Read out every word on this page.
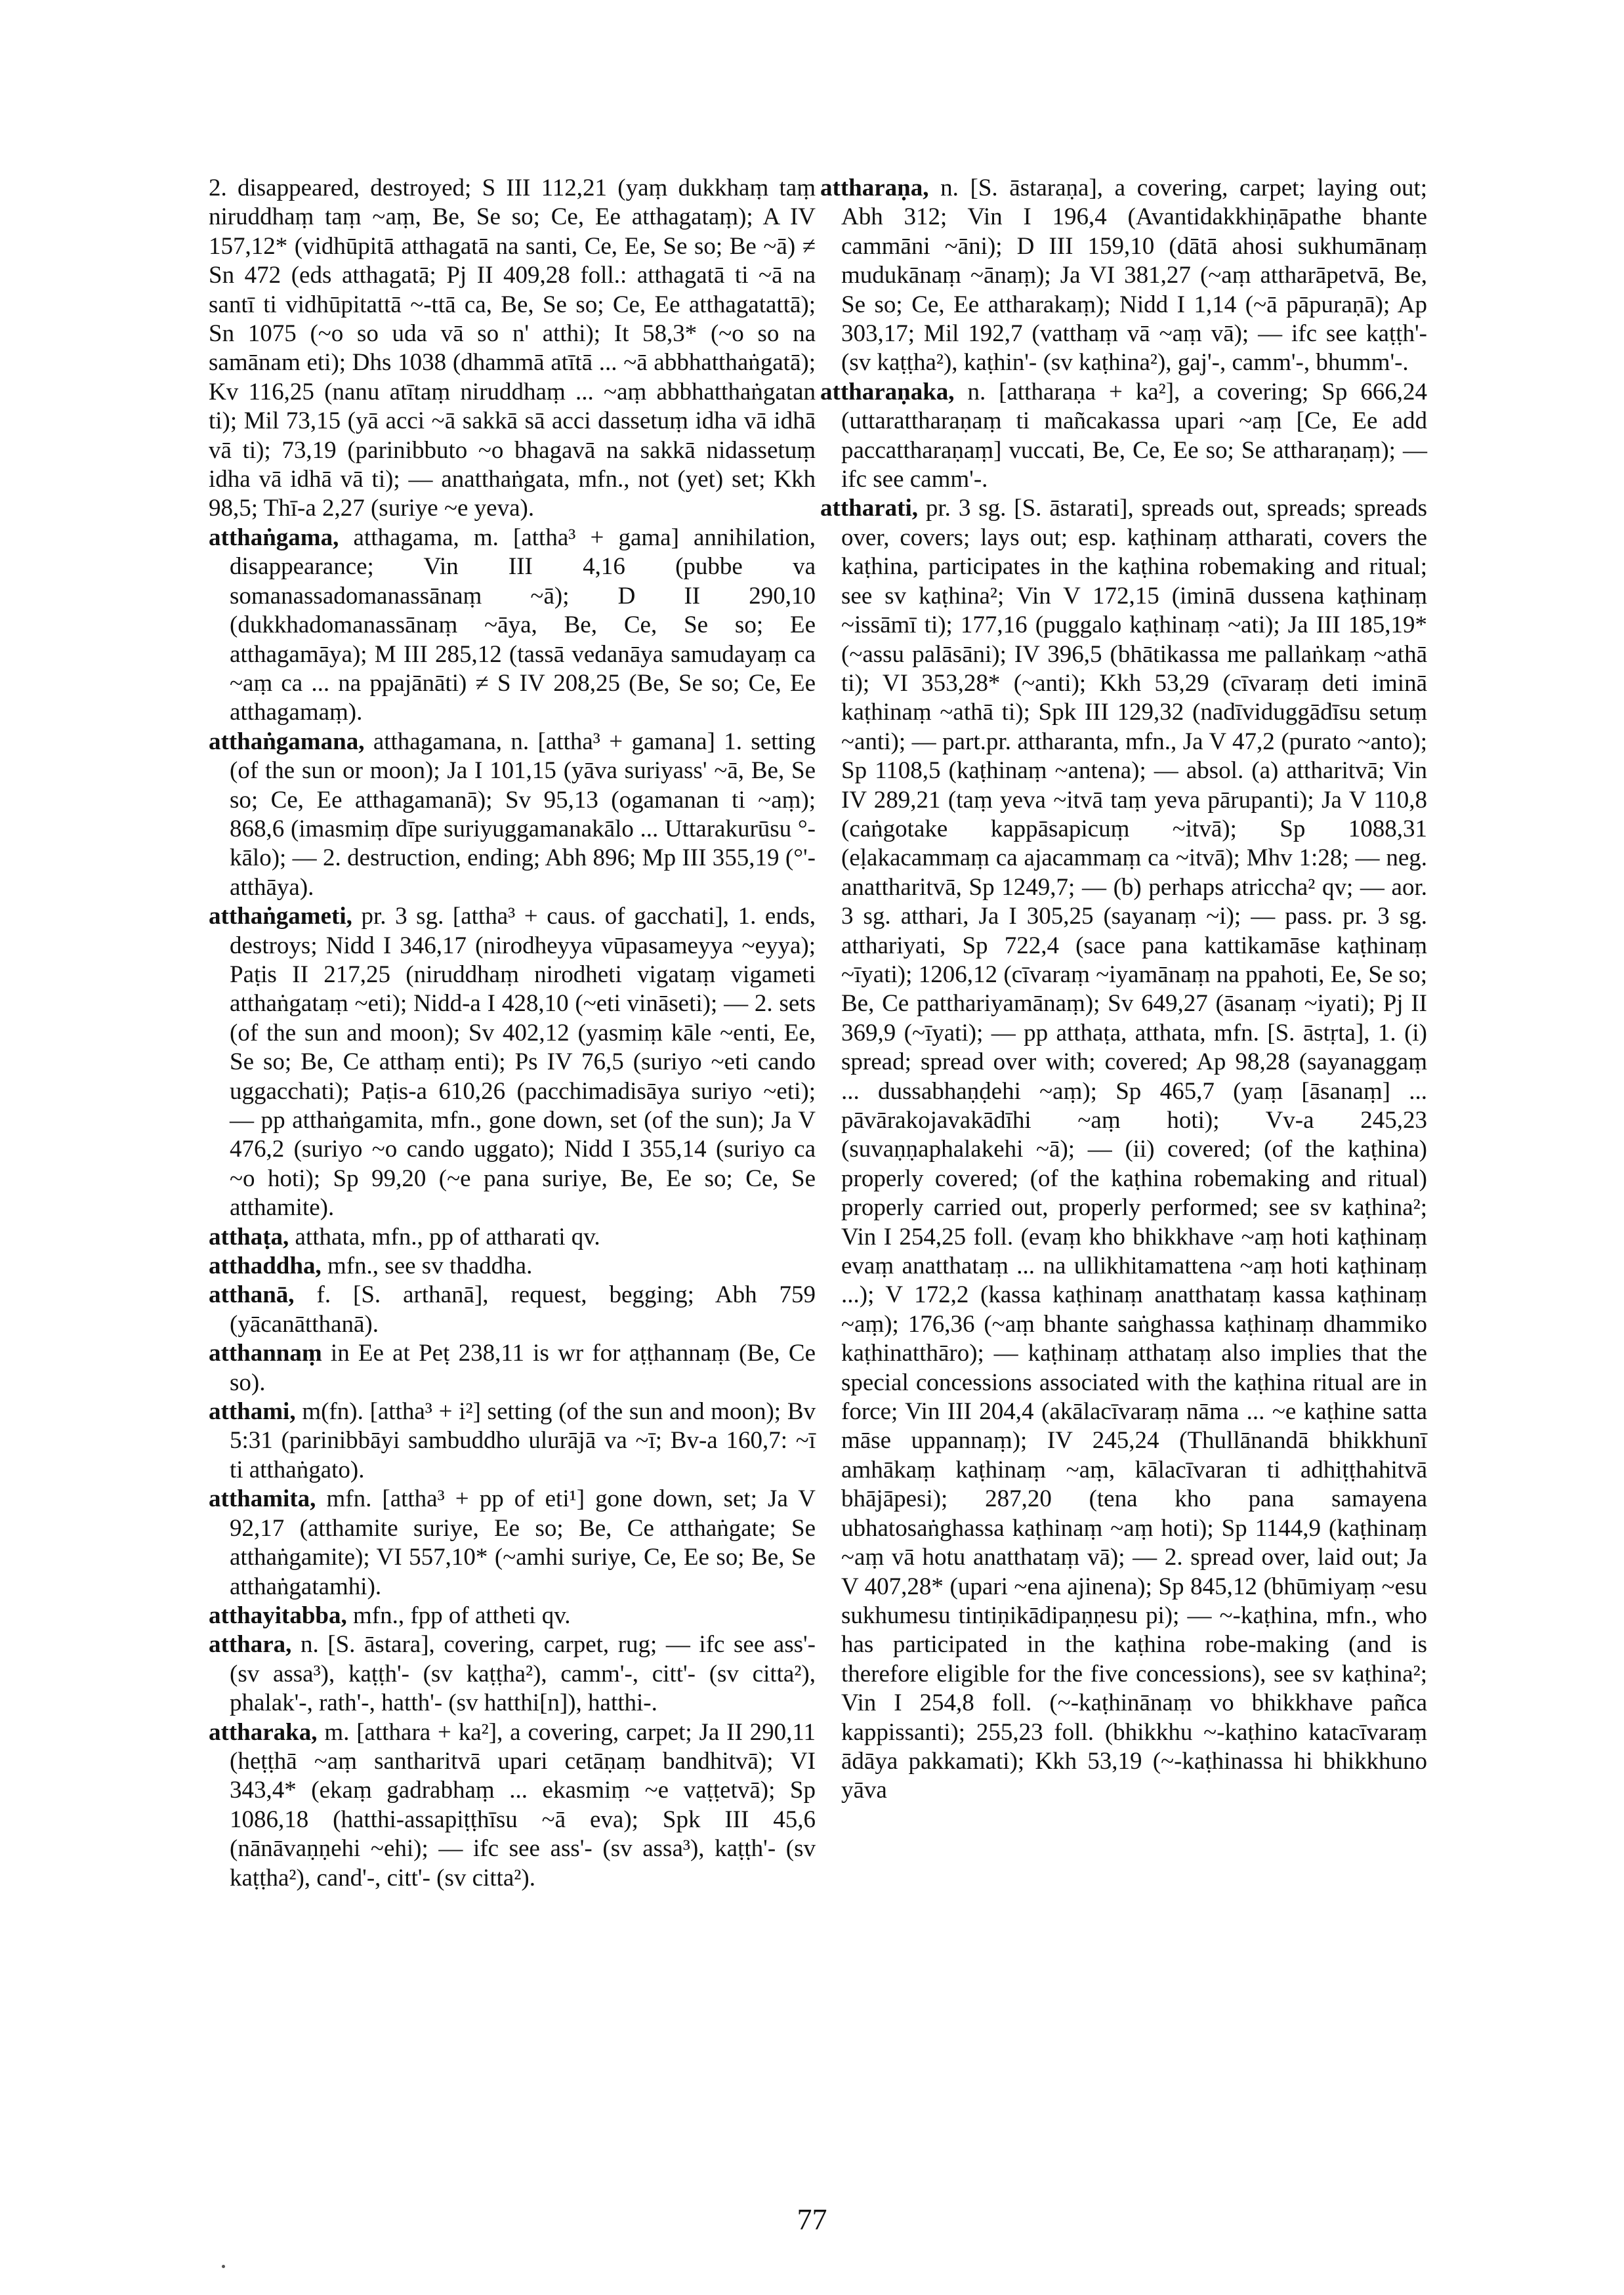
2. disappeared, destroyed; S III 112,21 (yaṃ dukkhaṃ taṃ niruddhaṃ taṃ ~aṃ, Be, Se so; Ce, Ee atthagataṃ); A IV 157,12* (vidhūpitā atthagatā na santi, Ce, Ee, Se so; Be ~ā) ≠ Sn 472 (eds atthagatā; Pj II 409,28 foll.: atthagatā ti ~ā na santī ti vidhūpitattā ~-ttā ca, Be, Se so; Ce, Ee atthagatattā); Sn 1075 (~o so uda vā so n' atthi); It 58,3* (~o so na samānam eti); Dhs 1038 (dhammā atītā ... ~ā abbhatthaṅgatā); Kv 116,25 (nanu atītaṃ niruddhaṃ ... ~aṃ abbhatthaṅgatan ti); Mil 73,15 (yā acci ~ā sakkā sā acci dassetuṃ idha vā idhā vā ti); 73,19 (parinibbuto ~o bhagavā na sakkā nidassetuṃ idha vā idhā vā ti); — anatthaṅgata, mfn., not (yet) set; Kkh 98,5; Thī-a 2,27 (suriye ~e yeva).

atthaṅgama, atthagama, m. [attha³ + gama] annihilation, disappearance; Vin III 4,16 (pubbe va somanassadomanassānaṃ ~ā); D II 290,10 (dukkhadomanassānaṃ ~āya, Be, Ce, Se so; Ee atthagamāya); M III 285,12 (tassā vedanāya samudayaṃ ca ~aṃ ca ... na ppajānāti) ≠ S IV 208,25 (Be, Se so; Ce, Ee atthagamaṃ).

atthaṅgamana, atthagamana, n. [attha³ + gamana] 1. setting (of the sun or moon); Ja I 101,15 (yāva suriyass' ~ā, Be, Se so; Ce, Ee atthagamanā); Sv 95,13 (ogamanan ti ~aṃ); 868,6 (imasmiṃ dīpe suriyuggamanakālo ... Uttarakurūsu °-kālo); — 2. destruction, ending; Abh 896; Mp III 355,19 (°'-atthāya).

atthaṅgameti, pr. 3 sg. [attha³ + caus. of gacchati], 1. ends, destroys; Nidd I 346,17 (nirodheyya vūpasameyya ~eyya); Paṭis II 217,25 (niruddhaṃ nirodheti vigataṃ vigameti atthaṅgataṃ ~eti); Nidd-a I 428,10 (~eti vināseti); — 2. sets (of the sun and moon); Sv 402,12 (yasmiṃ kāle ~enti, Ee, Se so; Be, Ce atthaṃ enti); Ps IV 76,5 (suriyo ~eti cando uggacchati); Paṭis-a 610,26 (pacchimadisāya suriyo ~eti); — pp atthaṅgamita, mfn., gone down, set (of the sun); Ja V 476,2 (suriyo ~o cando uggato); Nidd I 355,14 (suriyo ca ~o hoti); Sp 99,20 (~e pana suriye, Be, Ee so; Ce, Se atthamite).

atthaṭa, atthata, mfn., pp of attharati qv.

atthaddha, mfn., see sv thaddha.

atthanā, f. [S. arthanā], request, begging; Abh 759 (yācanātthanā).

atthannaṃ in Ee at Peṭ 238,11 is wr for aṭṭhannaṃ (Be, Ce so).

atthami, m(fn). [attha³ + i²] setting (of the sun and moon); Bv 5:31 (parinibbāyi sambuddho ulurājā va ~ī; Bv-a 160,7: ~ī ti atthaṅgato).

atthamita, mfn. [attha³ + pp of eti¹] gone down, set; Ja V 92,17 (atthamite suriye, Ee so; Be, Ce atthaṅgate; Se atthaṅgamite); VI 557,10* (~amhi suriye, Ce, Ee so; Be, Se atthaṅgatamhi).

atthayitabba, mfn., fpp of attheti qv.

atthara, n. [S. āstara], covering, carpet, rug; — ifc see ass'- (sv assa³), kaṭṭh'- (sv kaṭṭha²), camm'-, citt'- (sv citta²), phalak'-, rath'-, hatth'- (sv hatthi[n]), hatthi-.

attharaka, m. [atthara + ka²], a covering, carpet; Ja II 290,11 (heṭṭhā ~aṃ santharitvā upari cetāṇaṃ bandhitvā); VI 343,4* (ekaṃ gadrabhaṃ ... ekasmiṃ ~e vaṭṭetvā); Sp 1086,18 (hatthi-assapiṭṭhīsu ~ā eva); Spk III 45,6 (nānāvaṇṇehi ~ehi); — ifc see ass'- (sv assa³), kaṭṭh'- (sv kaṭṭha²), cand'-, citt'- (sv citta²).

attharaṇa, n. [S. āstaraṇa], a covering, carpet; laying out; Abh 312; Vin I 196,4 (Avantidakkhiṇāpathe bhante cammāni ~āni); D III 159,10 (dātā ahosi sukhumānaṃ mudukānaṃ ~ānaṃ); Ja VI 381,27 (~aṃ attharāpetvā, Be, Se so; Ce, Ee attharakaṃ); Nidd I 1,14 (~ā pāpuraṇā); Ap 303,17; Mil 192,7 (vatthaṃ vā ~aṃ vā); — ifc see kaṭṭh'- (sv kaṭṭha²), kaṭhin'- (sv kaṭhina²), gaj'-, camm'-, bhumm'-.

attharaṇaka, n. [attharaṇa + ka²], a covering; Sp 666,24 (uttarattharaṇaṃ ti mañcakassa upari ~aṃ [Ce, Ee add paccattharaṇaṃ] vuccati, Be, Ce, Ee so; Se attharaṇaṃ); — ifc see camm'-.

attharati, pr. 3 sg. [S. āstarati], spreads out, spreads; spreads over, covers; lays out; esp. kaṭhinaṃ attharati, covers the kaṭhina, participates in the kaṭhina robemaking and ritual; see sv kaṭhina²; Vin V 172,15 (iminā dussena kaṭhinaṃ ~issāmī ti); 177,16 (puggalo kaṭhinaṃ ~ati); Ja III 185,19* (~assu palāsāni); IV 396,5 (bhātikassa me pallaṅkaṃ ~athā ti); VI 353,28* (~anti); Kkh 53,29 (cīvaraṃ deti iminā kaṭhinaṃ ~athā ti); Spk III 129,32 (nadīviduggādīsu setuṃ ~anti); — part.pr. attharanta, mfn., Ja V 47,2 (purato ~anto); Sp 1108,5 (kaṭhinaṃ ~antena); — absol. (a) attharitvā; Vin IV 289,21 (taṃ yeva ~itvā taṃ yeva pārupanti); Ja V 110,8 (caṅgotake kappāsapicuṃ ~itvā); Sp 1088,31 (eḷakacammaṃ ca ajacammaṃ ca ~itvā); Mhv 1:28; — neg. anattharitvā, Sp 1249,7; — (b) perhaps atriccha² qv; — aor. 3 sg. atthari, Ja I 305,25 (sayanaṃ ~i); — pass. pr. 3 sg. atthariyati, Sp 722,4 (sace pana kattikamāse kaṭhinaṃ ~īyati); 1206,12 (cīvaraṃ ~iyamānaṃ na ppahoti, Ee, Se so; Be, Ce patthariyamānaṃ); Sv 649,27 (āsanaṃ ~iyati); Pj II 369,9 (~īyati); — pp atthaṭa, atthata, mfn. [S. āstṛta], 1. (i) spread; spread over with; covered; Ap 98,28 (sayanaggaṃ ... dussabhaṇḍehi ~aṃ); Sp 465,7 (yaṃ [āsanaṃ] ... pāvārakojavakādīhi ~aṃ hoti); Vv-a 245,23 (suvaṇṇaphalakehi ~ā); — (ii) covered; (of the kaṭhina) properly covered; (of the kaṭhina robemaking and ritual) properly carried out, properly performed; see sv kaṭhina²; Vin I 254,25 foll. (evaṃ kho bhikkhave ~aṃ hoti kaṭhinaṃ evaṃ anatthataṃ ... na ullikhitamattena ~aṃ hoti kaṭhinaṃ ...); V 172,2 (kassa kaṭhinaṃ anatthataṃ kassa kaṭhinaṃ ~aṃ); 176,36 (~aṃ bhante saṅghassa kaṭhinaṃ dhammiko kaṭhinatthāro); — kaṭhinaṃ atthataṃ also implies that the special concessions associated with the kaṭhina ritual are in force; Vin III 204,4 (akālacīvaraṃ nāma ... ~e kaṭhine satta māse uppannaṃ); IV 245,24 (Thullānandā bhikkhunī amhākaṃ kaṭhinaṃ ~aṃ, kālacīvaran ti adhiṭṭhahitvā bhājāpesi); 287,20 (tena kho pana samayena ubhatosaṅghassa kaṭhinaṃ ~aṃ hoti); Sp 1144,9 (kaṭhinaṃ ~aṃ vā hotu anatthataṃ vā); — 2. spread over, laid out; Ja V 407,28* (upari ~ena ajinena); Sp 845,12 (bhūmiyaṃ ~esu sukhumesu tintiṇikādipaṇṇesu pi); — ~-kaṭhina, mfn., who has participated in the kaṭhina robe-making (and is therefore eligible for the five concessions), see sv kaṭhina²; Vin I 254,8 foll. (~-kaṭhinānaṃ vo bhikkhave pañca kappissanti); 255,23 foll. (bhikkhu ~-kaṭhino katacīvaraṃ ādāya pakkamati); Kkh 53,19 (~-kaṭhinassa hi bhikkhuno yāva

77
